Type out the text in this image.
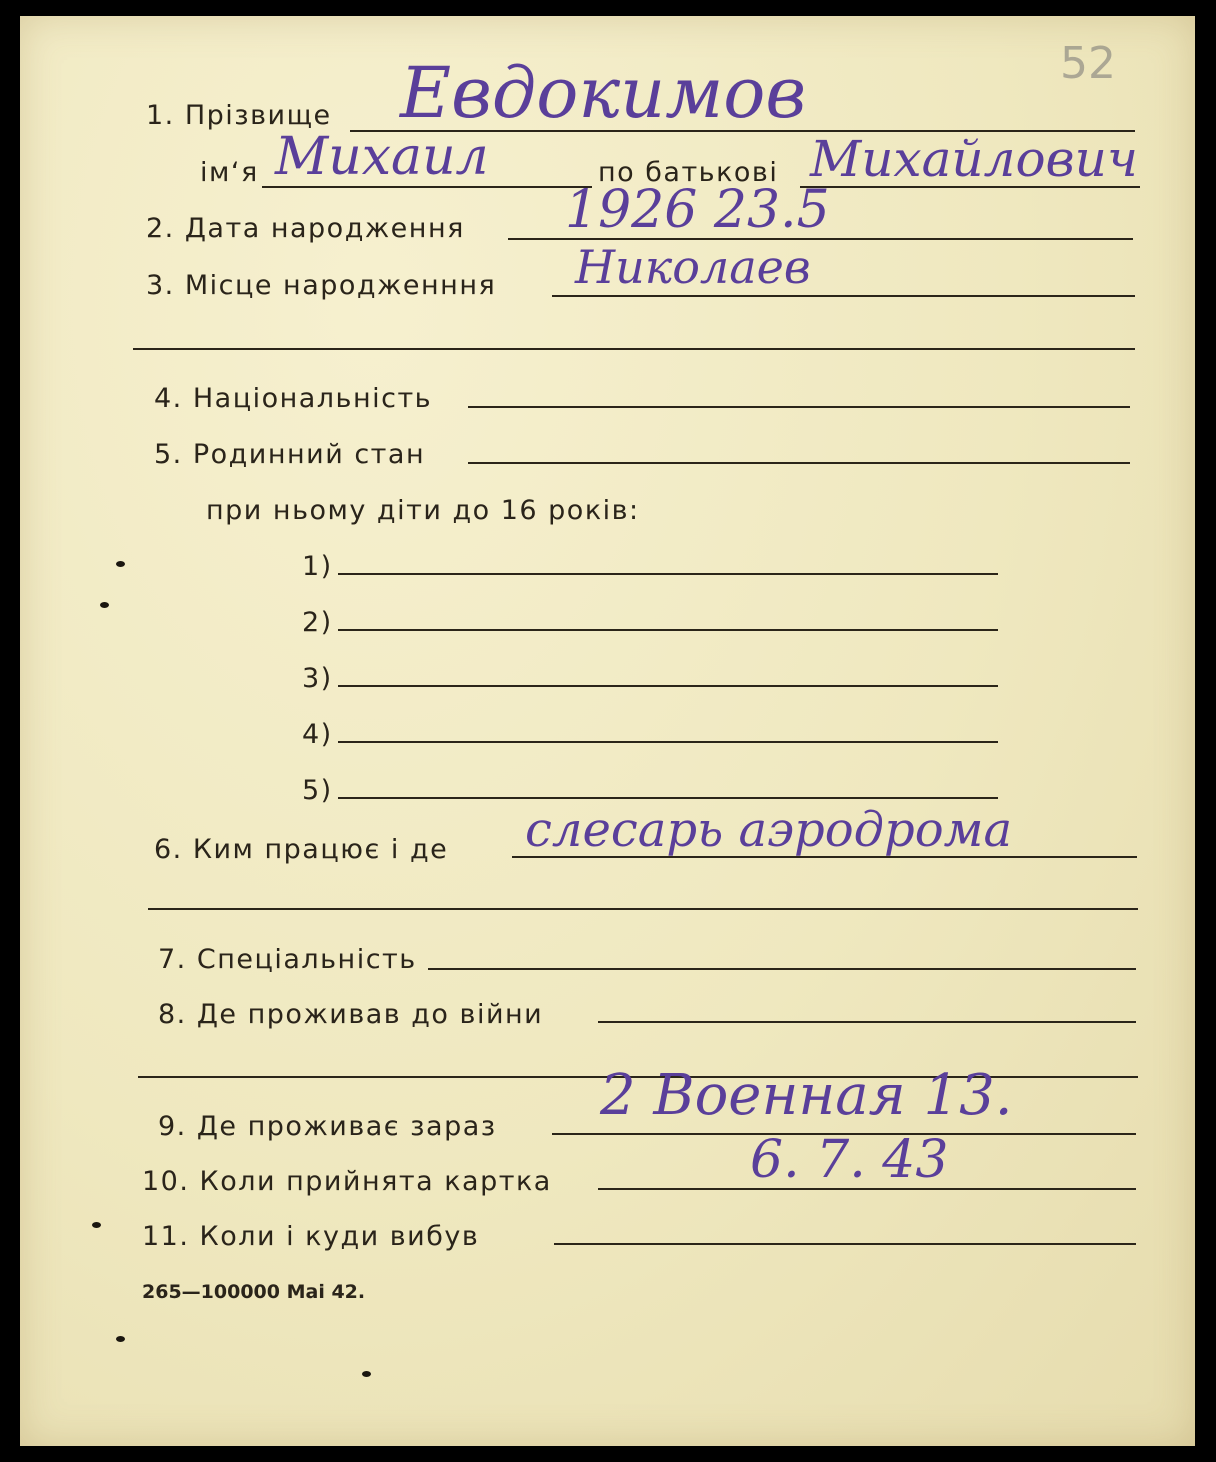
52
1. Прізвище Евдокимов
ім‘я Михаил	по батькові Михайлович
2. Дата народження 1926 23.5
3. Місце народженння Николаев
4. Національність
5. Родинний стан
при ньому діти до 16 років:
1)
2)
3)
4)
5)
6. Ким працює і де слесарь аэродрома
7. Спеціальність
8. Де проживав до війни
9. Де проживає зараз 2 Военная 13.
10. Коли прийнята картка	6. 7. 43
11. Коли і куди вибув
265—100000 Маі 42.
